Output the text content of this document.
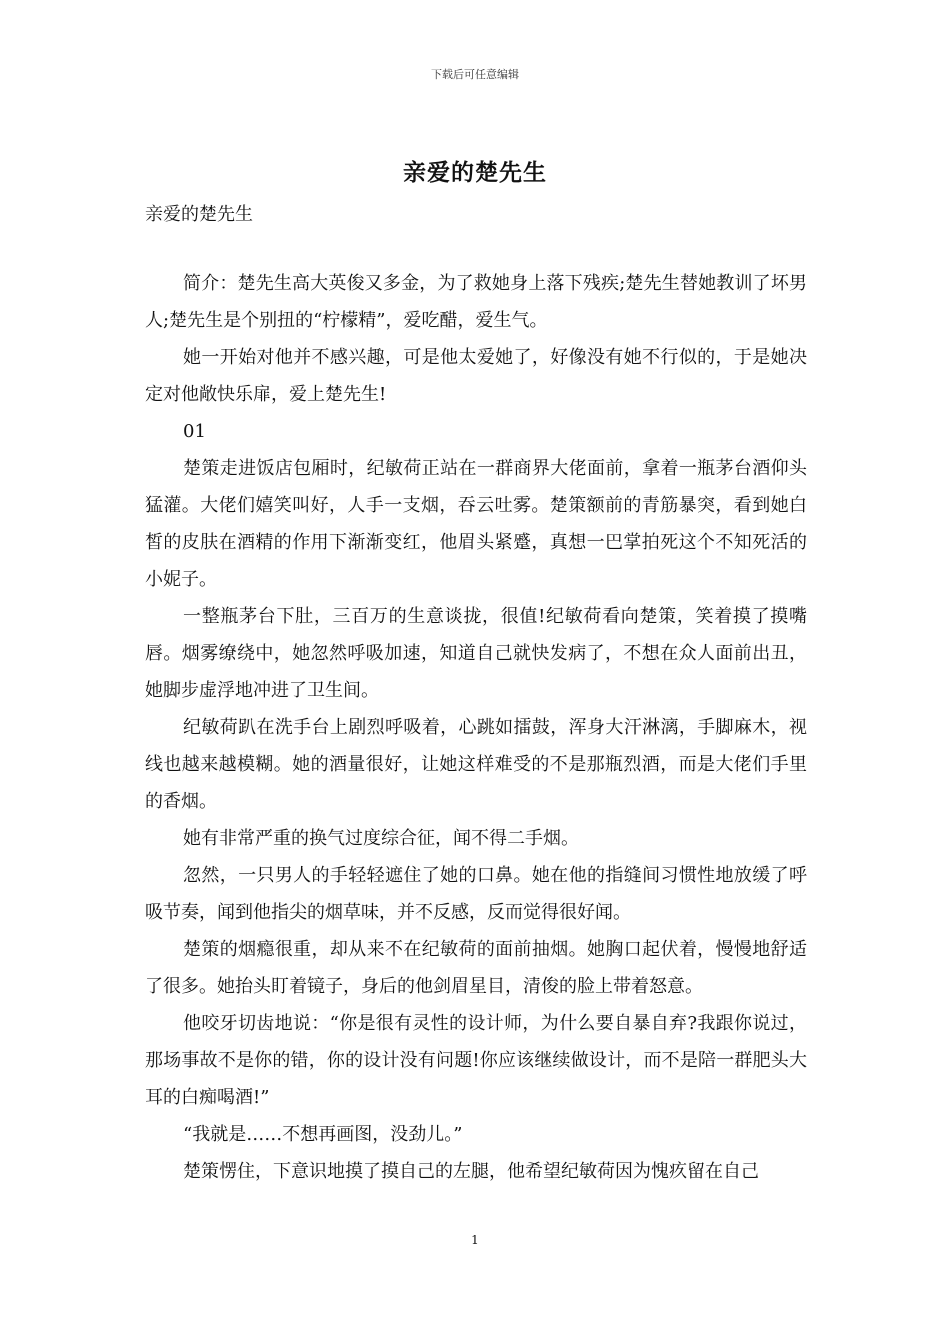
下载后可任意编辑
亲爱的楚先生
亲爱的楚先生

简介：楚先生高大英俊又多金，为了救她身上落下残疾;楚先生替她教训了坏男人;楚先生是个别扭的“柠檬精”，爱吃醋，爱生气。

她一开始对他并不感兴趣，可是他太爱她了，好像没有她不行似的，于是她决定对他敞快乐扉，爱上楚先生!

01

楚策走进饭店包厢时，纪敏荷正站在一群商界大佬面前，拿着一瓶茅台酒仰头猛灌。大佬们嬉笑叫好，人手一支烟，吞云吐雾。楚策额前的青筋暴突，看到她白皙的皮肤在酒精的作用下渐渐变红，他眉头紧蹙，真想一巴掌拍死这个不知死活的小妮子。

一整瓶茅台下肚，三百万的生意谈拢，很值!纪敏荷看向楚策，笑着摸了摸嘴唇。烟雾缭绕中，她忽然呼吸加速，知道自己就快发病了，不想在众人面前出丑，她脚步虚浮地冲进了卫生间。

纪敏荷趴在洗手台上剧烈呼吸着，心跳如擂鼓，浑身大汗淋漓，手脚麻木，视线也越来越模糊。她的酒量很好，让她这样难受的不是那瓶烈酒，而是大佬们手里的香烟。

她有非常严重的换气过度综合征，闻不得二手烟。

忽然，一只男人的手轻轻遮住了她的口鼻。她在他的指缝间习惯性地放缓了呼吸节奏，闻到他指尖的烟草味，并不反感，反而觉得很好闻。

楚策的烟瘾很重，却从来不在纪敏荷的面前抽烟。她胸口起伏着，慢慢地舒适了很多。她抬头盯着镜子，身后的他剑眉星目，清俊的脸上带着怒意。

他咬牙切齿地说：“你是很有灵性的设计师，为什么要自暴自弃?我跟你说过，那场事故不是你的错，你的设计没有问题!你应该继续做设计，而不是陪一群肥头大耳的白痴喝酒!”

“我就是……不想再画图，没劲儿。”

楚策愣住，下意识地摸了摸自己的左腿，他希望纪敏荷因为愧疚留在自己

1
